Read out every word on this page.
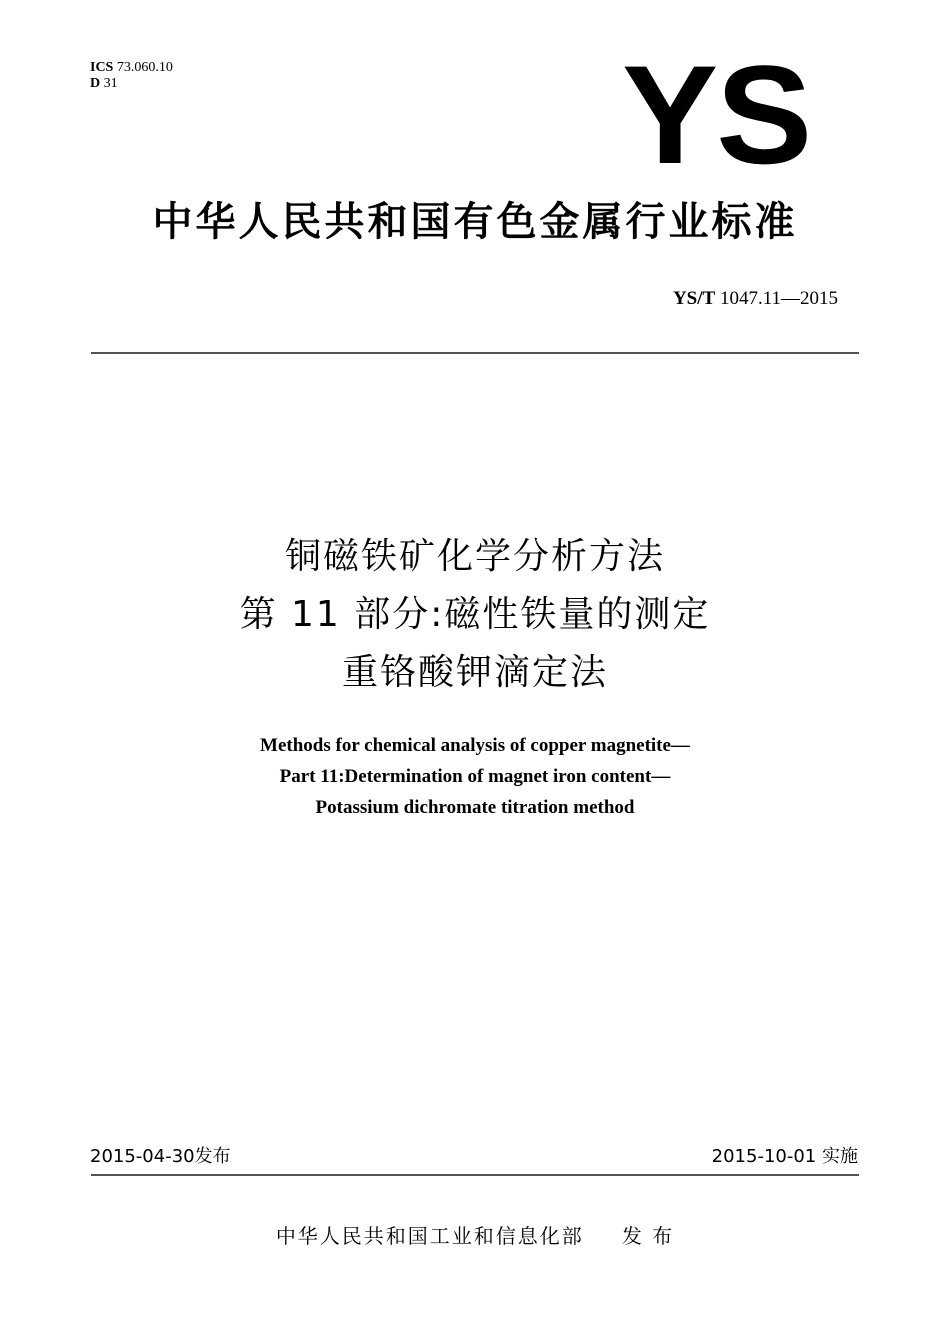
ICS 73.060.10
D 31	YS
中华人民共和国有色金属行业标准
YS/T 1047.11—2015
铜磁铁矿化学分析方法
第 11 部分:磁性铁量的测定
重铬酸钾滴定法
Methods for chemical analysis of copper magnetite—
Part 11:Determination of magnet iron content—
Potassium dichromate titration method
2015-04-30发布	2015-10-01 实施
中华人民共和国工业和信息化部 发 布
